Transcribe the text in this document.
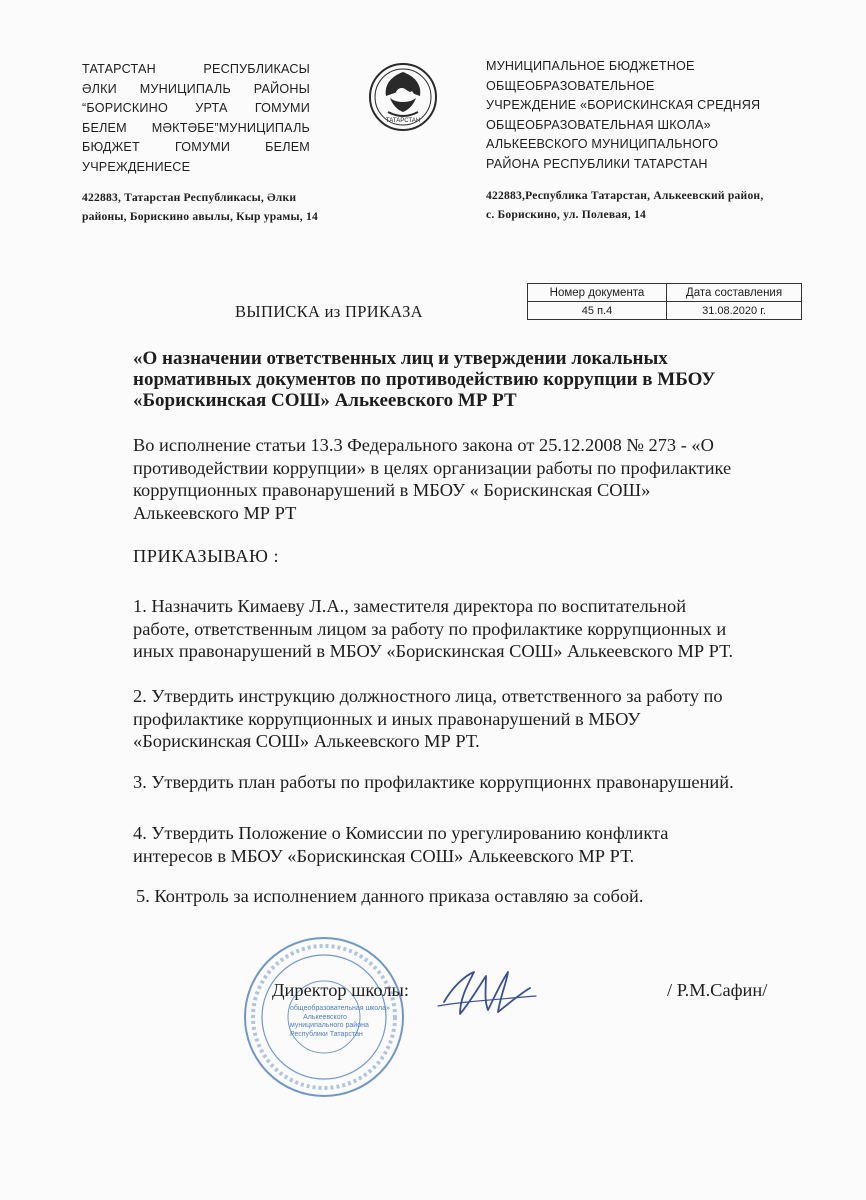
ТАТАРСТАН РЕСПУБЛИКАСЫ
ӘЛКИ МУНИЦИПАЛЬ РАЙОНЫ
“БОРИСКИНО УРТА ГОМУМИ
БЕЛЕМ МӘКТӘБЕ”МУНИЦИПАЛЬ
БЮДЖЕТ ГОМУМИ БЕЛЕМ
УЧРЕЖДЕНИЕСЕ
422883, Татарстан Республикасы, Әлки
районы, Борискино авылы, Кыр урамы, 14
ТАТАРСТАН
МУНИЦИПАЛЬНОЕ БЮДЖЕТНОЕ
ОБЩЕОБРАЗОВАТЕЛЬНОЕ
УЧРЕЖДЕНИЕ «БОРИСКИНСКАЯ СРЕДНЯЯ
ОБЩЕОБРАЗОВАТЕЛЬНАЯ ШКОЛА»
АЛЬКЕЕВСКОГО МУНИЦИПАЛЬНОГО
РАЙОНА РЕСПУБЛИКИ ТАТАРСТАН
422883,Республика Татарстан, Алькеевский район,
с. Борискино, ул. Полевая, 14
Номер документа	Дата составления
45 п.4	31.08.2020 г.
ВЫПИСКА из ПРИКАЗА
«О назначении ответственных лиц и утверждении локальных
нормативных документов по противодействию коррупции в МБОУ
«Борискинская СОШ» Алькеевского МР РТ
Во исполнение статьи 13.3 Федерального закона от 25.12.2008 № 273 - «О
противодействии коррупции» в целях организации работы по профилактике
коррупционных правонарушений в МБОУ « Борискинская СОШ»
Алькеевского МР РТ
ПРИКАЗЫВАЮ :
1. Назначить Кимаеву Л.А., заместителя директора по воспитательной
работе, ответственным лицом за работу по профилактике коррупционных и
иных правонарушений в МБОУ «Борискинская СОШ» Алькеевского МР РТ.
2. Утвердить инструкцию должностного лица, ответственного за работу по
профилактике коррупционных и иных правонарушений в МБОУ
«Борискинская СОШ» Алькеевского МР РТ.
3. Утвердить план работы по профилактике коррупционнх правонарушений.
4. Утвердить Положение о Комиссии по урегулированию конфликта
интересов в МБОУ «Борискинская СОШ» Алькеевского МР РТ.
5. Контроль за исполнением данного приказа оставляю за собой.
общеобразовательная школа»
Алькеевского
муниципального района
Республики Татарстан
Директор школы:	/ Р.М.Сафин/
